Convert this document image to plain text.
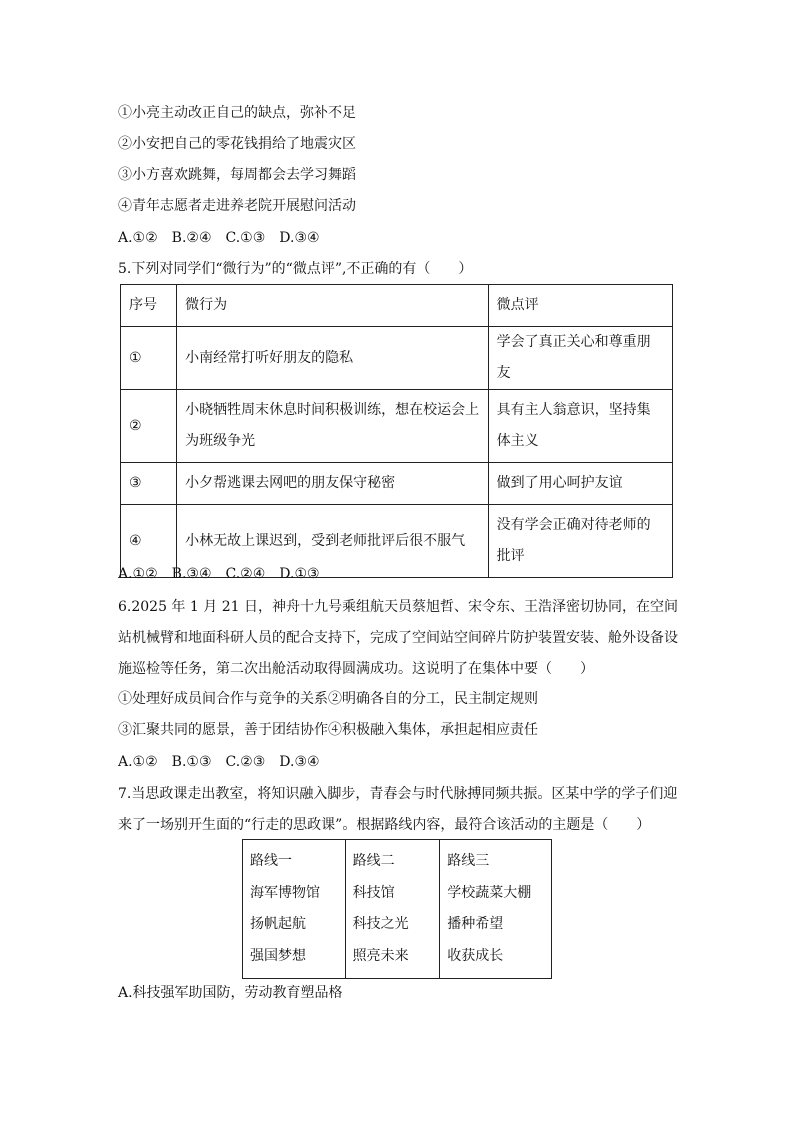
①小亮主动改正自己的缺点，弥补不足
②小安把自己的零花钱捐给了地震灾区
③小方喜欢跳舞，每周都会去学习舞蹈
④青年志愿者走进养老院开展慰问活动
A.①②　B.②④　C.①③　D.③④
5.下列对同学们“微行为”的“微点评”,不正确的有（　　）
序号	微行为	微点评
①	小南经常打听好朋友的隐私	学会了真正关心和尊重朋友
②	小晓牺牲周末休息时间积极训练，想在校运会上为班级争光	具有主人翁意识，坚持集体主义
③	小夕帮逃课去网吧的朋友保守秘密	做到了用心呵护友谊
④	小林无故上课迟到，受到老师批评后很不服气	没有学会正确对待老师的批评
A.①②　B.③④　C.②④　D.①③
6.2025 年 1 月 21 日，神舟十九号乘组航天员蔡旭哲、宋令东、王浩泽密切协同，在空间站机械臂和地面科研人员的配合支持下，完成了空间站空间碎片防护装置安装、舱外设备设施巡检等任务，第二次出舱活动取得圆满成功。这说明了在集体中要（　　）
①处理好成员间合作与竞争的关系②明确各自的分工，民主制定规则
③汇聚共同的愿景，善于团结协作④积极融入集体，承担起相应责任
A.①②　B.①③　C.②③　D.③④
7.当思政课走出教室，将知识融入脚步，青春会与时代脉搏同频共振。区某中学的学子们迎来了一场别开生面的“行走的思政课”。根据路线内容，最符合该活动的主题是（　　）
路线一
海军博物馆
扬帆起航
强国梦想

路线二
科技馆
科技之光
照亮未来

路线三
学校蔬菜大棚
播种希望
收获成长
A.科技强军助国防，劳动教育塑品格
